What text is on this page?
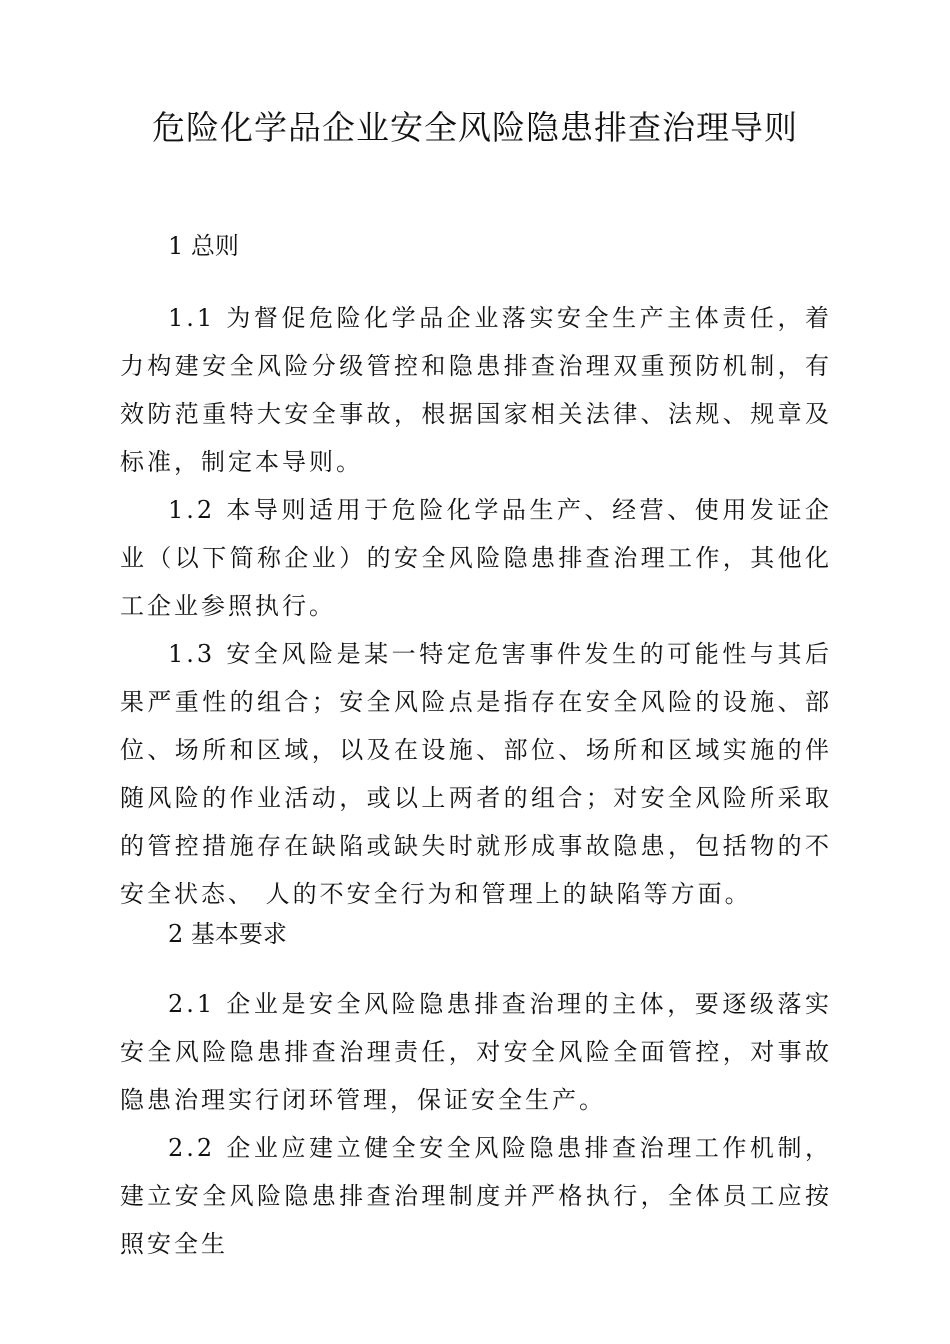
危险化学品企业安全风险隐患排查治理导则
1 总则

1.1 为督促危险化学品企业落实安全生产主体责任，着力构建安全风险分级管控和隐患排查治理双重预防机制，有效防范重特大安全事故，根据国家相关法律、法规、规章及标准，制定本导则。

1.2 本导则适用于危险化学品生产、经营、使用发证企业（以下简称企业）的安全风险隐患排查治理工作，其他化工企业参照执行。

1.3 安全风险是某一特定危害事件发生的可能性与其后果严重性的组合；安全风险点是指存在安全风险的设施、部位、场所和区域，以及在设施、部位、场所和区域实施的伴随风险的作业活动，或以上两者的组合；对安全风险所采取的管控措施存在缺陷或缺失时就形成事故隐患，包括物的不安全状态、 人的不安全行为和管理上的缺陷等方面。

2 基本要求

2.1 企业是安全风险隐患排查治理的主体，要逐级落实安全风险隐患排查治理责任，对安全风险全面管控，对事故隐患治理实行闭环管理，保证安全生产。

2.2 企业应建立健全安全风险隐患排查治理工作机制，建立安全风险隐患排查治理制度并严格执行，全体员工应按照安全生
